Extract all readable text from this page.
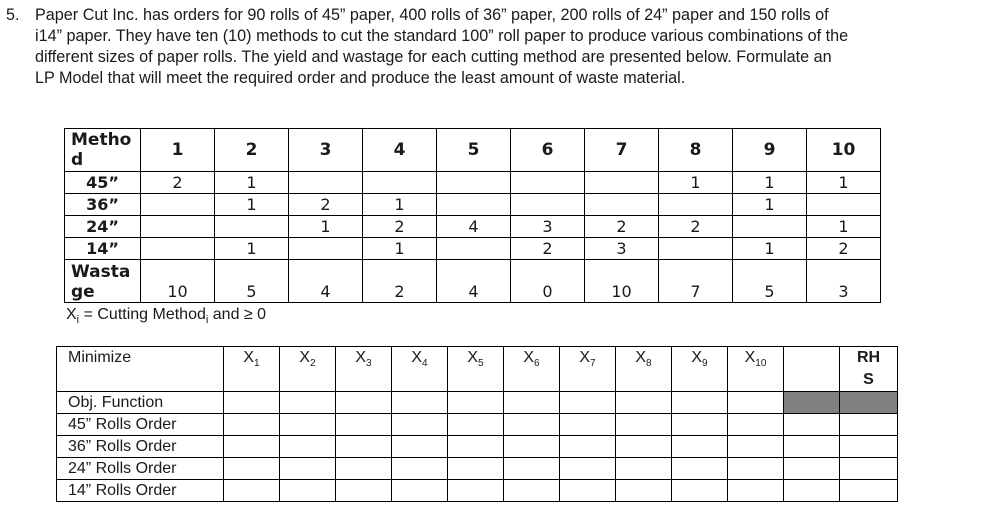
5. Paper Cut Inc. has orders for 90 rolls of 45” paper, 400 rolls of 36” paper, 200 rolls of 24” paper and 150 rolls of
i14” paper. They have ten (10) methods to cut the standard 100” roll paper to produce various combinations of the
different sizes of paper rolls. The yield and wastage for each cutting method are presented below. Formulate an
LP Model that will meet the required order and produce the least amount of waste material.
Metho
d	1	2	3	4	5	6	7	8	9	10
45”	2	1						1	1	1
36”		1	2	1					1	
24”			1	2	4	3	2	2		1
14”		1		1		2	3		1	2
Wasta
ge	10	5	4	2	4	0	10	7	5	3
$X_i$ = Cutting Method$_i$ and ≥ 0
Minimize	$X_1$	$X_2$	$X_3$	$X_4$	$X_5$	$X_6$	$X_7$	$X_8$	$X_9$	$X_{10}$		RH
S
Obj. Function												
45” Rolls Order												
36” Rolls Order												
24” Rolls Order												
14” Rolls Order												
